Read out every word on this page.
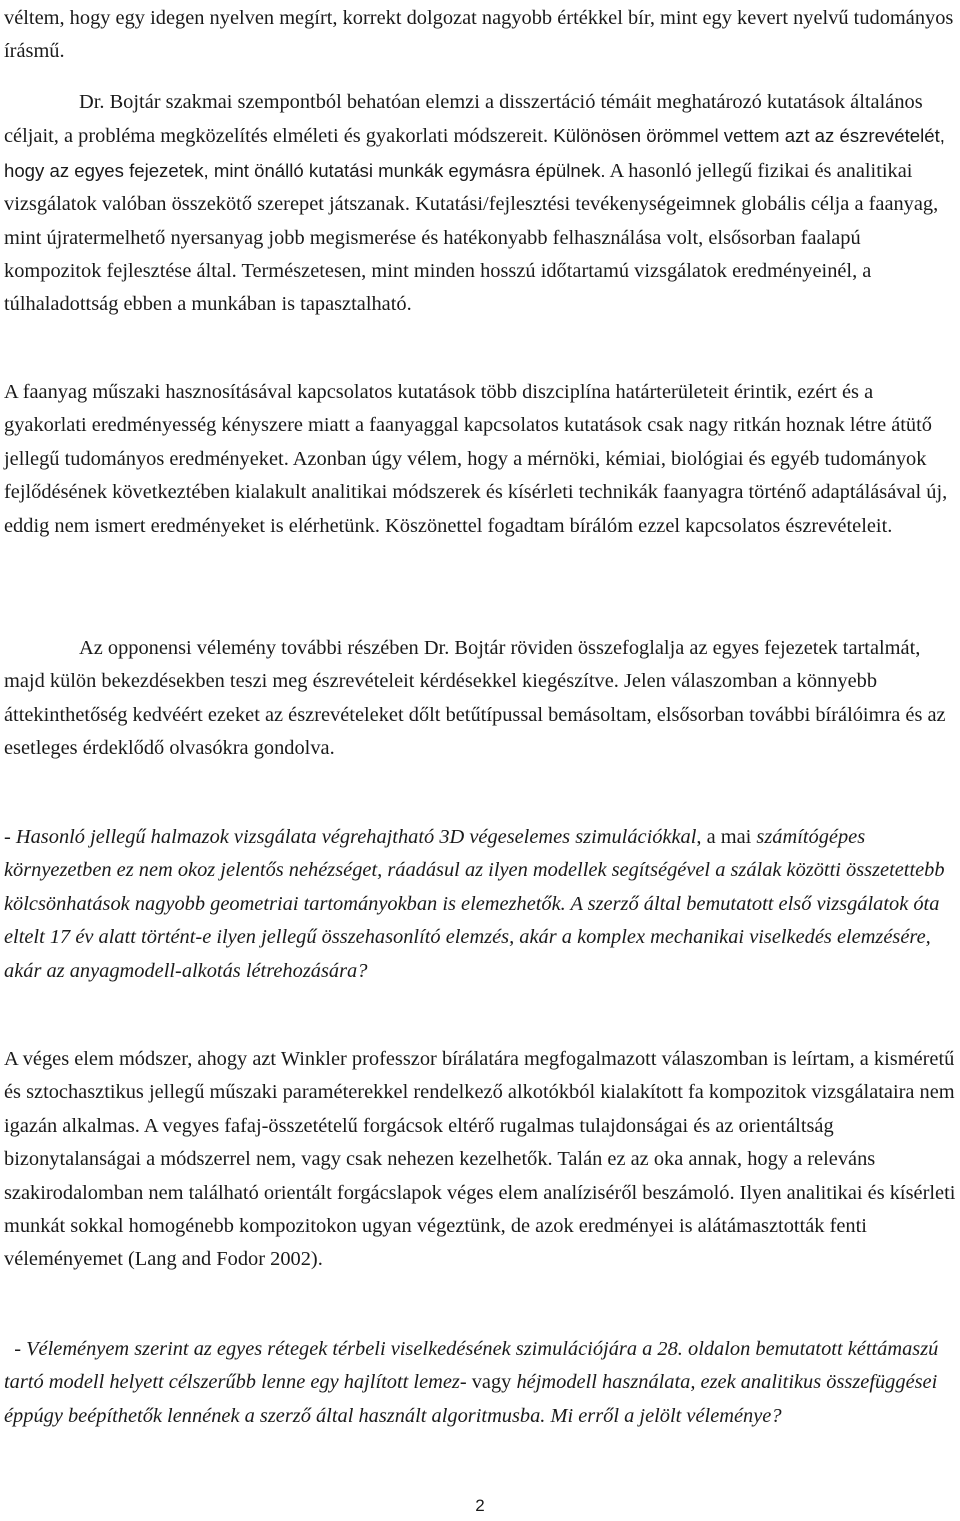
véltem, hogy egy idegen nyelven megírt, korrekt dolgozat nagyobb értékkel bír, mint egy kevert nyelvű tudományos írásmű.

Dr. Bojtár szakmai szempontból behatóan elemzi a disszertáció témáit meghatározó kutatások általános céljait, a probléma megközelítés elméleti és gyakorlati módszereit. Különösen örömmel vettem azt az észrevételét, hogy az egyes fejezetek, mint önálló kutatási munkák egymásra épülnek. A hasonló jellegű fizikai és analitikai vizsgálatok valóban összekötő szerepet játszanak. Kutatási/fejlesztési tevékenységeimnek globális célja a faanyag, mint újratermelhető nyersanyag jobb megismerése és hatékonyabb felhasználása volt, elsősorban faalapú kompozitok fejlesztése által. Természetesen, mint minden hosszú időtartamú vizsgálatok eredményeinél, a túlhaladottság ebben a munkában is tapasztalható.

A faanyag műszaki hasznosításával kapcsolatos kutatások több diszciplína határterületeit érintik, ezért és a gyakorlati eredményesség kényszere miatt a faanyaggal kapcsolatos kutatások csak nagy ritkán hoznak létre átütő jellegű tudományos eredményeket. Azonban úgy vélem, hogy a mérnöki, kémiai, biológiai és egyéb tudományok fejlődésének következtében kialakult analitikai módszerek és kísérleti technikák faanyagra történő adaptálásával új, eddig nem ismert eredményeket is elérhetünk. Köszönettel fogadtam bírálóm ezzel kapcsolatos észrevételeit.

Az opponensi vélemény további részében Dr. Bojtár röviden összefoglalja az egyes fejezetek tartalmát, majd külön bekezdésekben teszi meg észrevételeit kérdésekkel kiegészítve. Jelen válaszomban a könnyebb áttekinthetőség kedvéért ezeket az észrevételeket dőlt betűtípussal bemásoltam, elsősorban további bírálóimra és az esetleges érdeklődő olvasókra gondolva.

- Hasonló jellegű halmazok vizsgálata végrehajtható 3D végeselemes szimulációkkal, a mai számítógépes környezetben ez nem okoz jelentős nehézséget, ráadásul az ilyen modellek segítségével a szálak közötti összetettebb kölcsönhatások nagyobb geometriai tartományokban is elemezhetők. A szerző által bemutatott első vizsgálatok óta eltelt 17 év alatt történt-e ilyen jellegű összehasonlító elemzés, akár a komplex mechanikai viselkedés elemzésére, akár az anyagmodell-alkotás létrehozására?

A véges elem módszer, ahogy azt Winkler professzor bírálatára megfogalmazott válaszomban is leírtam, a kisméretű és sztochasztikus jellegű műszaki paraméterekkel rendelkező alkotókból kialakított fa kompozitok vizsgálataira nem igazán alkalmas. A vegyes fafaj-összetételű forgácsok eltérő rugalmas tulajdonságai és az orientáltság bizonytalanságai a módszerrel nem, vagy csak nehezen kezelhetők. Talán ez az oka annak, hogy a releváns szakirodalomban nem található orientált forgácslapok véges elem analíziséről beszámoló. Ilyen analitikai és kísérleti munkát sokkal homogénebb kompozitokon ugyan végeztünk, de azok eredményei is alátámasztották fenti véleményemet (Lang and Fodor 2002).

- Véleményem szerint az egyes rétegek térbeli viselkedésének szimulációjára a 28. oldalon bemutatott kéttámaszú tartó modell helyett célszerűbb lenne egy hajlított lemez- vagy héjmodell használata, ezek analitikus összefüggései éppúgy beépíthetők lennének a szerző által használt algoritmusba. Mi erről a jelölt véleménye?

2
